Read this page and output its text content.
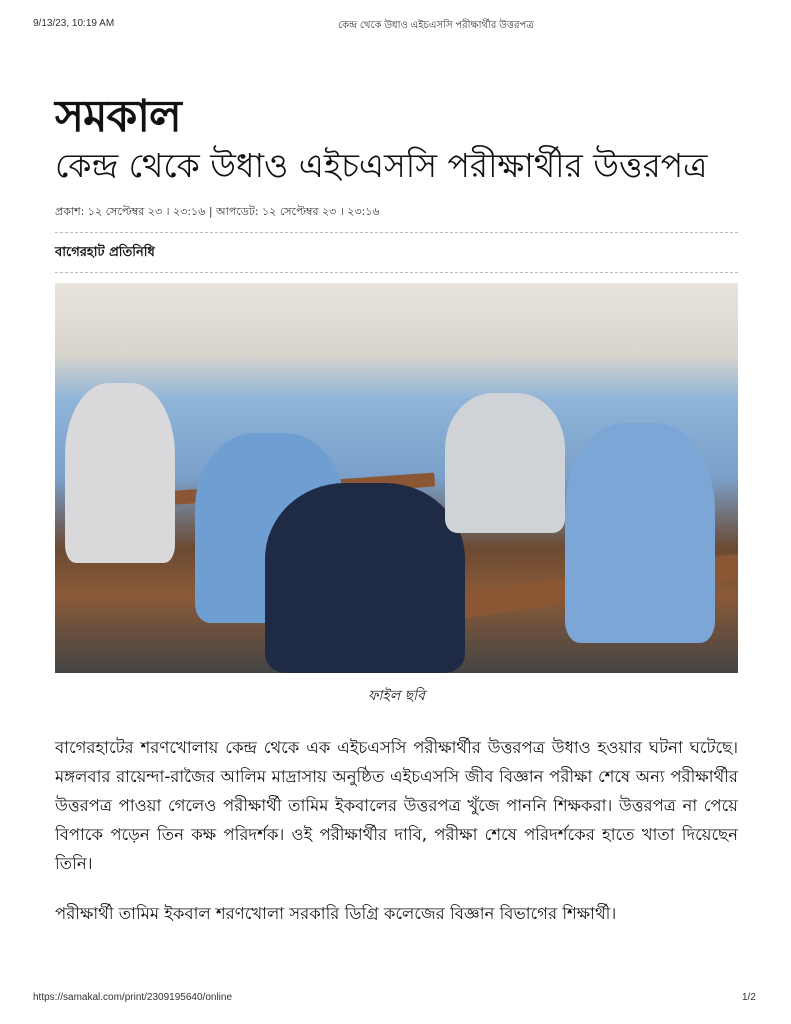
9/13/23, 10:19 AM	কেন্দ্র থেকে উধাও এইচএসসি পরীক্ষার্থীর উত্তরপত্র
সমকাল
কেন্দ্র থেকে উধাও এইচএসসি পরীক্ষার্থীর উত্তরপত্র
প্রকাশ: ১২ সেপ্টেম্বর ২৩ । ২৩:১৬ | আপডেট: ১২ সেপ্টেম্বর ২৩ । ২৩:১৬
বাগেরহাট প্রতিনিধি
ফাইল ছবি

বাগেরহাটের শরণখোলায় কেন্দ্র থেকে এক এইচএসসি পরীক্ষার্থীর উত্তরপত্র উধাও হওয়ার ঘটনা ঘটেছে। মঙ্গলবার রায়েন্দা-রাজৈর আলিম মাদ্রাসায় অনুষ্ঠিত এইচএসসি জীব বিজ্ঞান পরীক্ষা শেষে অন্য পরীক্ষার্থীর উত্তরপত্র পাওয়া গেলেও পরীক্ষার্থী তামিম ইকবালের উত্তরপত্র খুঁজে পাননি শিক্ষকরা। উত্তরপত্র না পেয়ে বিপাকে পড়েন তিন কক্ষ পরিদর্শক। ওই পরীক্ষার্থীর দাবি, পরীক্ষা শেষে পরিদর্শকের হাতে খাতা দিয়েছেন তিনি।

পরীক্ষার্থী তামিম ইকবাল শরণখোলা সরকারি ডিগ্রি কলেজের বিজ্ঞান বিভাগের শিক্ষার্থী।

https://samakal.com/print/2309195640/online	1/2
